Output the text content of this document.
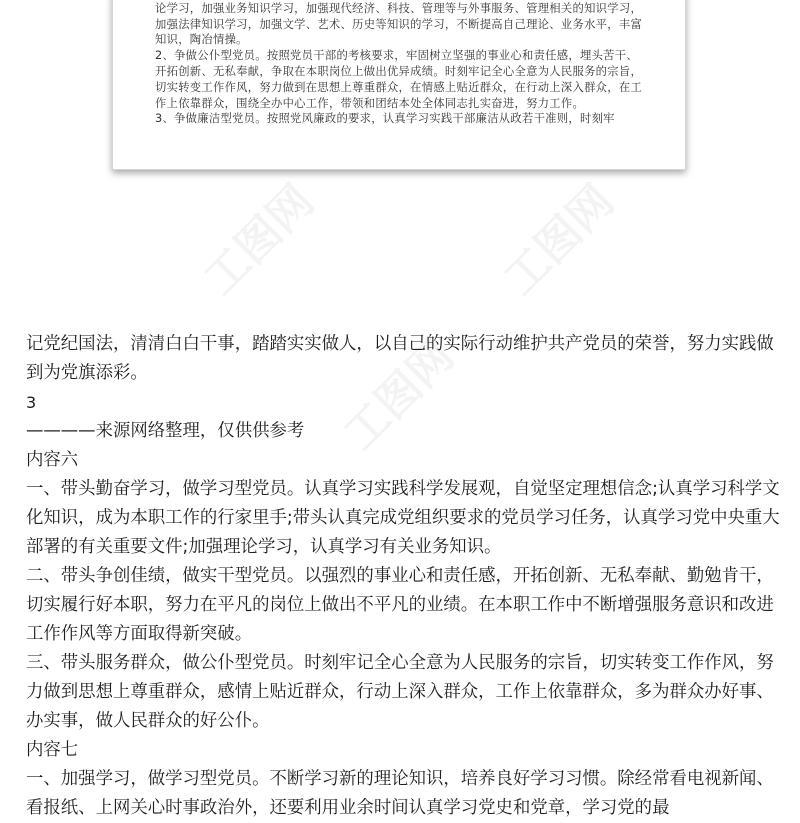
论学习，加强业务知识学习，加强现代经济、科技、管理等与外事服务、管理相关的知识学习，加强法律知识学习，加强文学、艺术、历史等知识的学习，不断提高自己理论、业务水平，丰富知识，陶冶情操。

2、争做公仆型党员。按照党员干部的考核要求，牢固树立坚强的事业心和责任感，埋头苦干、开拓创新、无私奉献，争取在本职岗位上做出优异成绩。时刻牢记全心全意为人民服务的宗旨，切实转变工作作风，努力做到在思想上尊重群众，在情感上贴近群众，在行动上深入群众，在工作上依靠群众，围绕全办中心工作，带领和团结本处全体同志扎实奋进，努力工作。

3、争做廉洁型党员。按照党风廉政的要求，认真学习实践干部廉洁从政若干准则，时刻牢

工图网	工图网
工图网

记党纪国法，清清白白干事，踏踏实实做人，以自己的实际行动维护共产党员的荣誉，努力实践做到为党旗添彩。

3

————来源网络整理，仅供供参考

内容六

一、带头勤奋学习，做学习型党员。认真学习实践科学发展观，自觉坚定理想信念;认真学习科学文化知识，成为本职工作的行家里手;带头认真完成党组织要求的党员学习任务，认真学习党中央重大部署的有关重要文件;加强理论学习，认真学习有关业务知识。

二、带头争创佳绩，做实干型党员。以强烈的事业心和责任感，开拓创新、无私奉献、勤勉肯干，切实履行好本职，努力在平凡的岗位上做出不平凡的业绩。在本职工作中不断增强服务意识和改进工作作风等方面取得新突破。

三、带头服务群众，做公仆型党员。时刻牢记全心全意为人民服务的宗旨，切实转变工作作风，努力做到思想上尊重群众，感情上贴近群众，行动上深入群众，工作上依靠群众，多为群众办好事、办实事，做人民群众的好公仆。

内容七

一、加强学习，做学习型党员。不断学习新的理论知识，培养良好学习习惯。除经常看电视新闻、看报纸、上网关心时事政治外，还要利用业余时间认真学习党史和党章，学习党的最
